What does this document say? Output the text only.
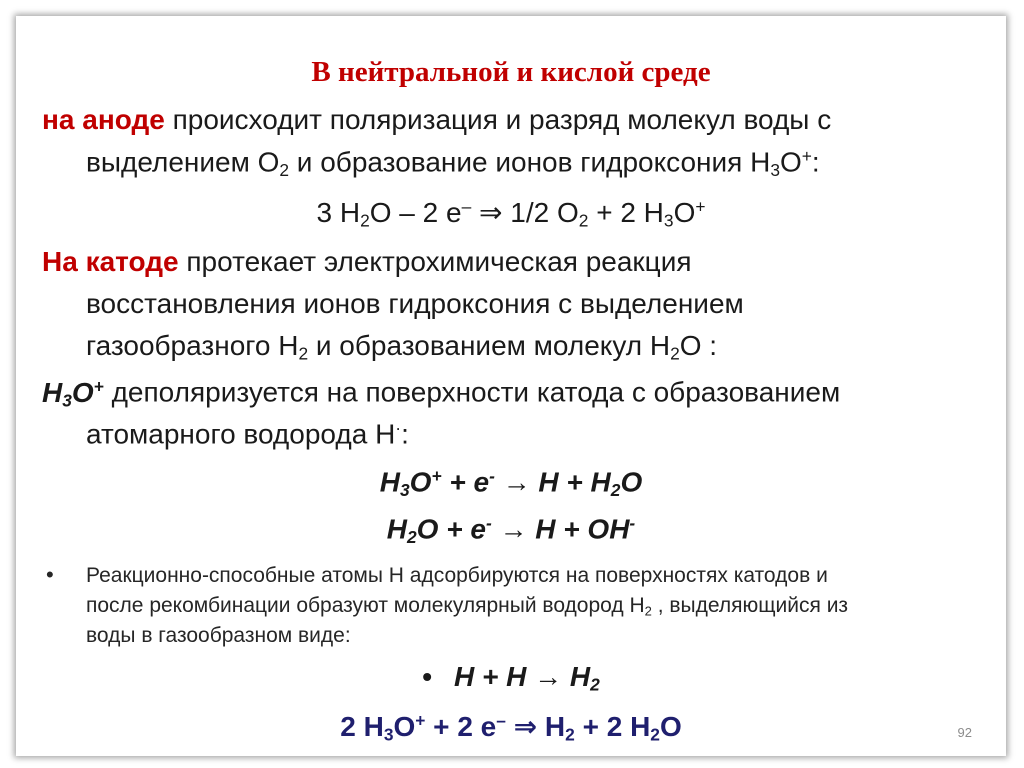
В нейтральной и кислой среде
на аноде происходит поляризация и разряд молекул воды с
выделением $О_2$ и образование ионов гидроксония $Н_3О^+$:
3 $Н_2О - 2$ е– ⇒ 1/2 $О_2 + 2$ $Н_3О^+$
На катоде протекает электрохимическая реакция
восстановления ионов гидроксония с выделением
газообразного $Н_2$ и образованием молекул $Н_2О$ :
$H_3O^+$ деполяризуется на поверхности катода с образованием
атомарного водорода Н·:
$H_3O^+ + e^- \to H + H_2O$
$H_2O + e^- \to H + OH^-$
• Реакционно-способные атомы Н адсорбируются на поверхностях катодов и
после рекомбинации образуют молекулярный водород $Н_2$ , выделяющийся из
воды в газообразном виде:
• $H + H \to H_2$
2 $Н_3О^+ + 2$ е– ⇒ $Н_2 + 2$ $Н_2О$	92
